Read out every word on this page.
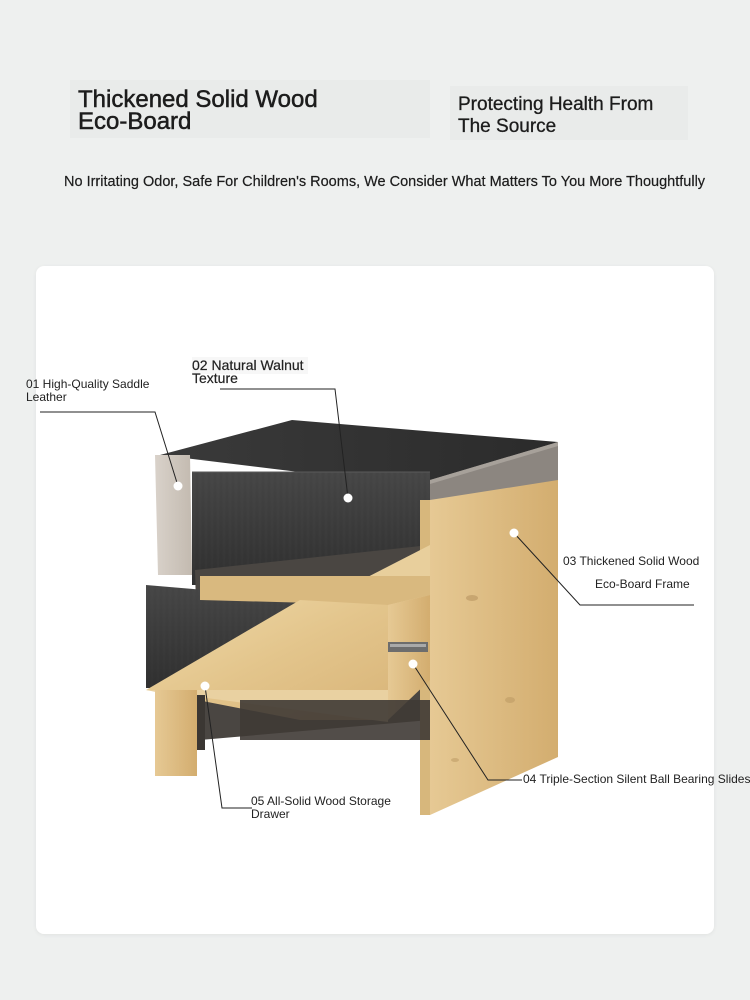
Thickened Solid Wood
Eco-Board
Protecting Health From
The Source
No Irritating Odor, Safe For Children's Rooms, We Consider What Matters To You More Thoughtfully
01 High-Quality Saddle
Leather
02 Natural Walnut
Texture
03 Thickened Solid Wood
Eco-Board Frame
04 Triple-Section Silent Ball Bearing Slides
05 All-Solid Wood Storage
Drawer
